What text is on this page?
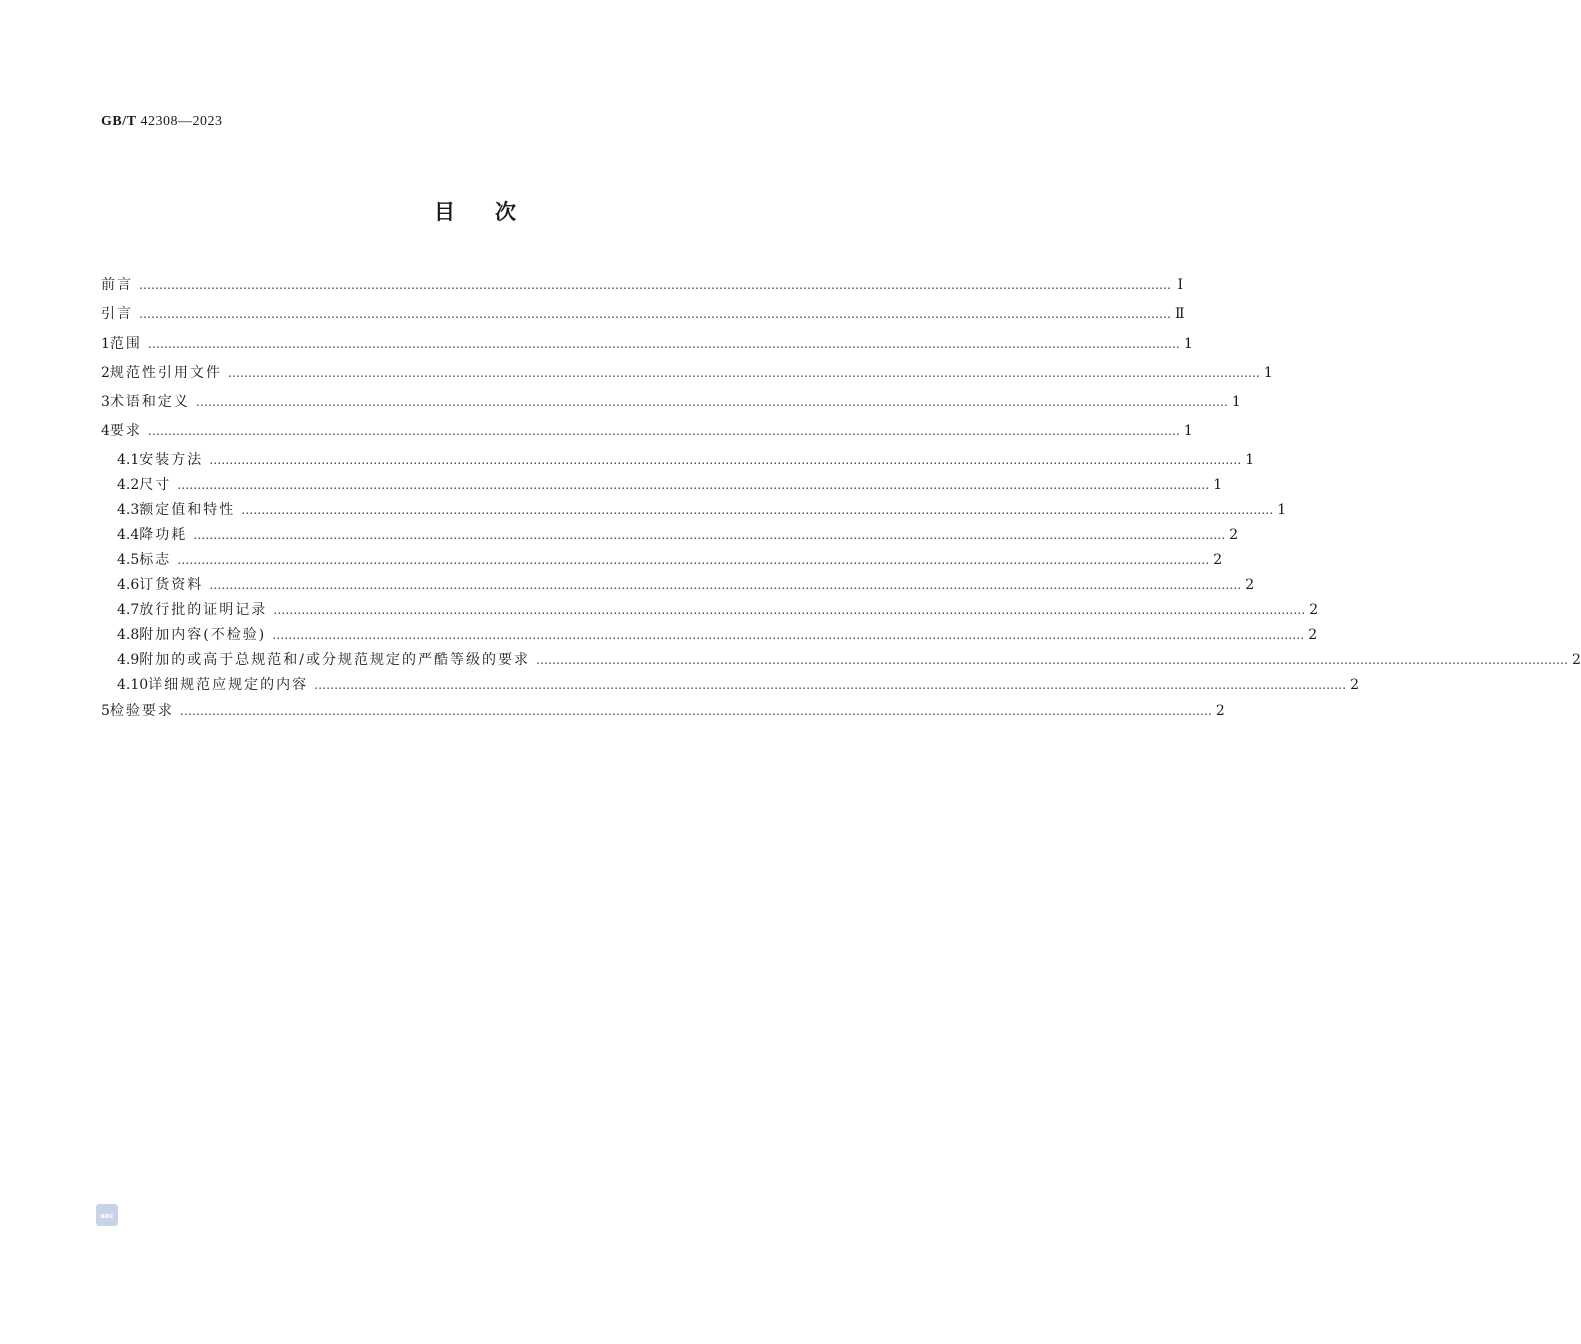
GB/T 42308—2023
目次
前言 ……………………………………………………………………………………………………………………………………………………………………………………………………………………………………	Ⅰ
引言 ……………………………………………………………………………………………………………………………………………………………………………………………………………………………………	Ⅱ
1 范围 ……………………………………………………………………………………………………………………………………………………………………………………………………………………………………	1
2 规范性引用文件 ……………………………………………………………………………………………………………………………………………………………………………………………………………………………………	1
3 术语和定义 ……………………………………………………………………………………………………………………………………………………………………………………………………………………………………	1
4 要求 ……………………………………………………………………………………………………………………………………………………………………………………………………………………………………	1
4.1 安装方法 ……………………………………………………………………………………………………………………………………………………………………………………………………………………………………	1
4.2 尺寸 ……………………………………………………………………………………………………………………………………………………………………………………………………………………………………	1
4.3 额定值和特性 ……………………………………………………………………………………………………………………………………………………………………………………………………………………………………	1
4.4 降功耗 ……………………………………………………………………………………………………………………………………………………………………………………………………………………………………	2
4.5 标志 ……………………………………………………………………………………………………………………………………………………………………………………………………………………………………	2
4.6 订货资料 ……………………………………………………………………………………………………………………………………………………………………………………………………………………………………	2
4.7 放行批的证明记录 ……………………………………………………………………………………………………………………………………………………………………………………………………………………………………	2
4.8 附加内容(不检验) ……………………………………………………………………………………………………………………………………………………………………………………………………………………………………	2
4.9 附加的或高于总规范和/或分规范规定的严酷等级的要求 ……………………………………………………………………………………………………………………………………………………………………………………………………………………………………	2
4.10 详细规范应规定的内容 ……………………………………………………………………………………………………………………………………………………………………………………………………………………………………	2
5 检验要求 ……………………………………………………………………………………………………………………………………………………………………………………………………………………………………	2
sac
